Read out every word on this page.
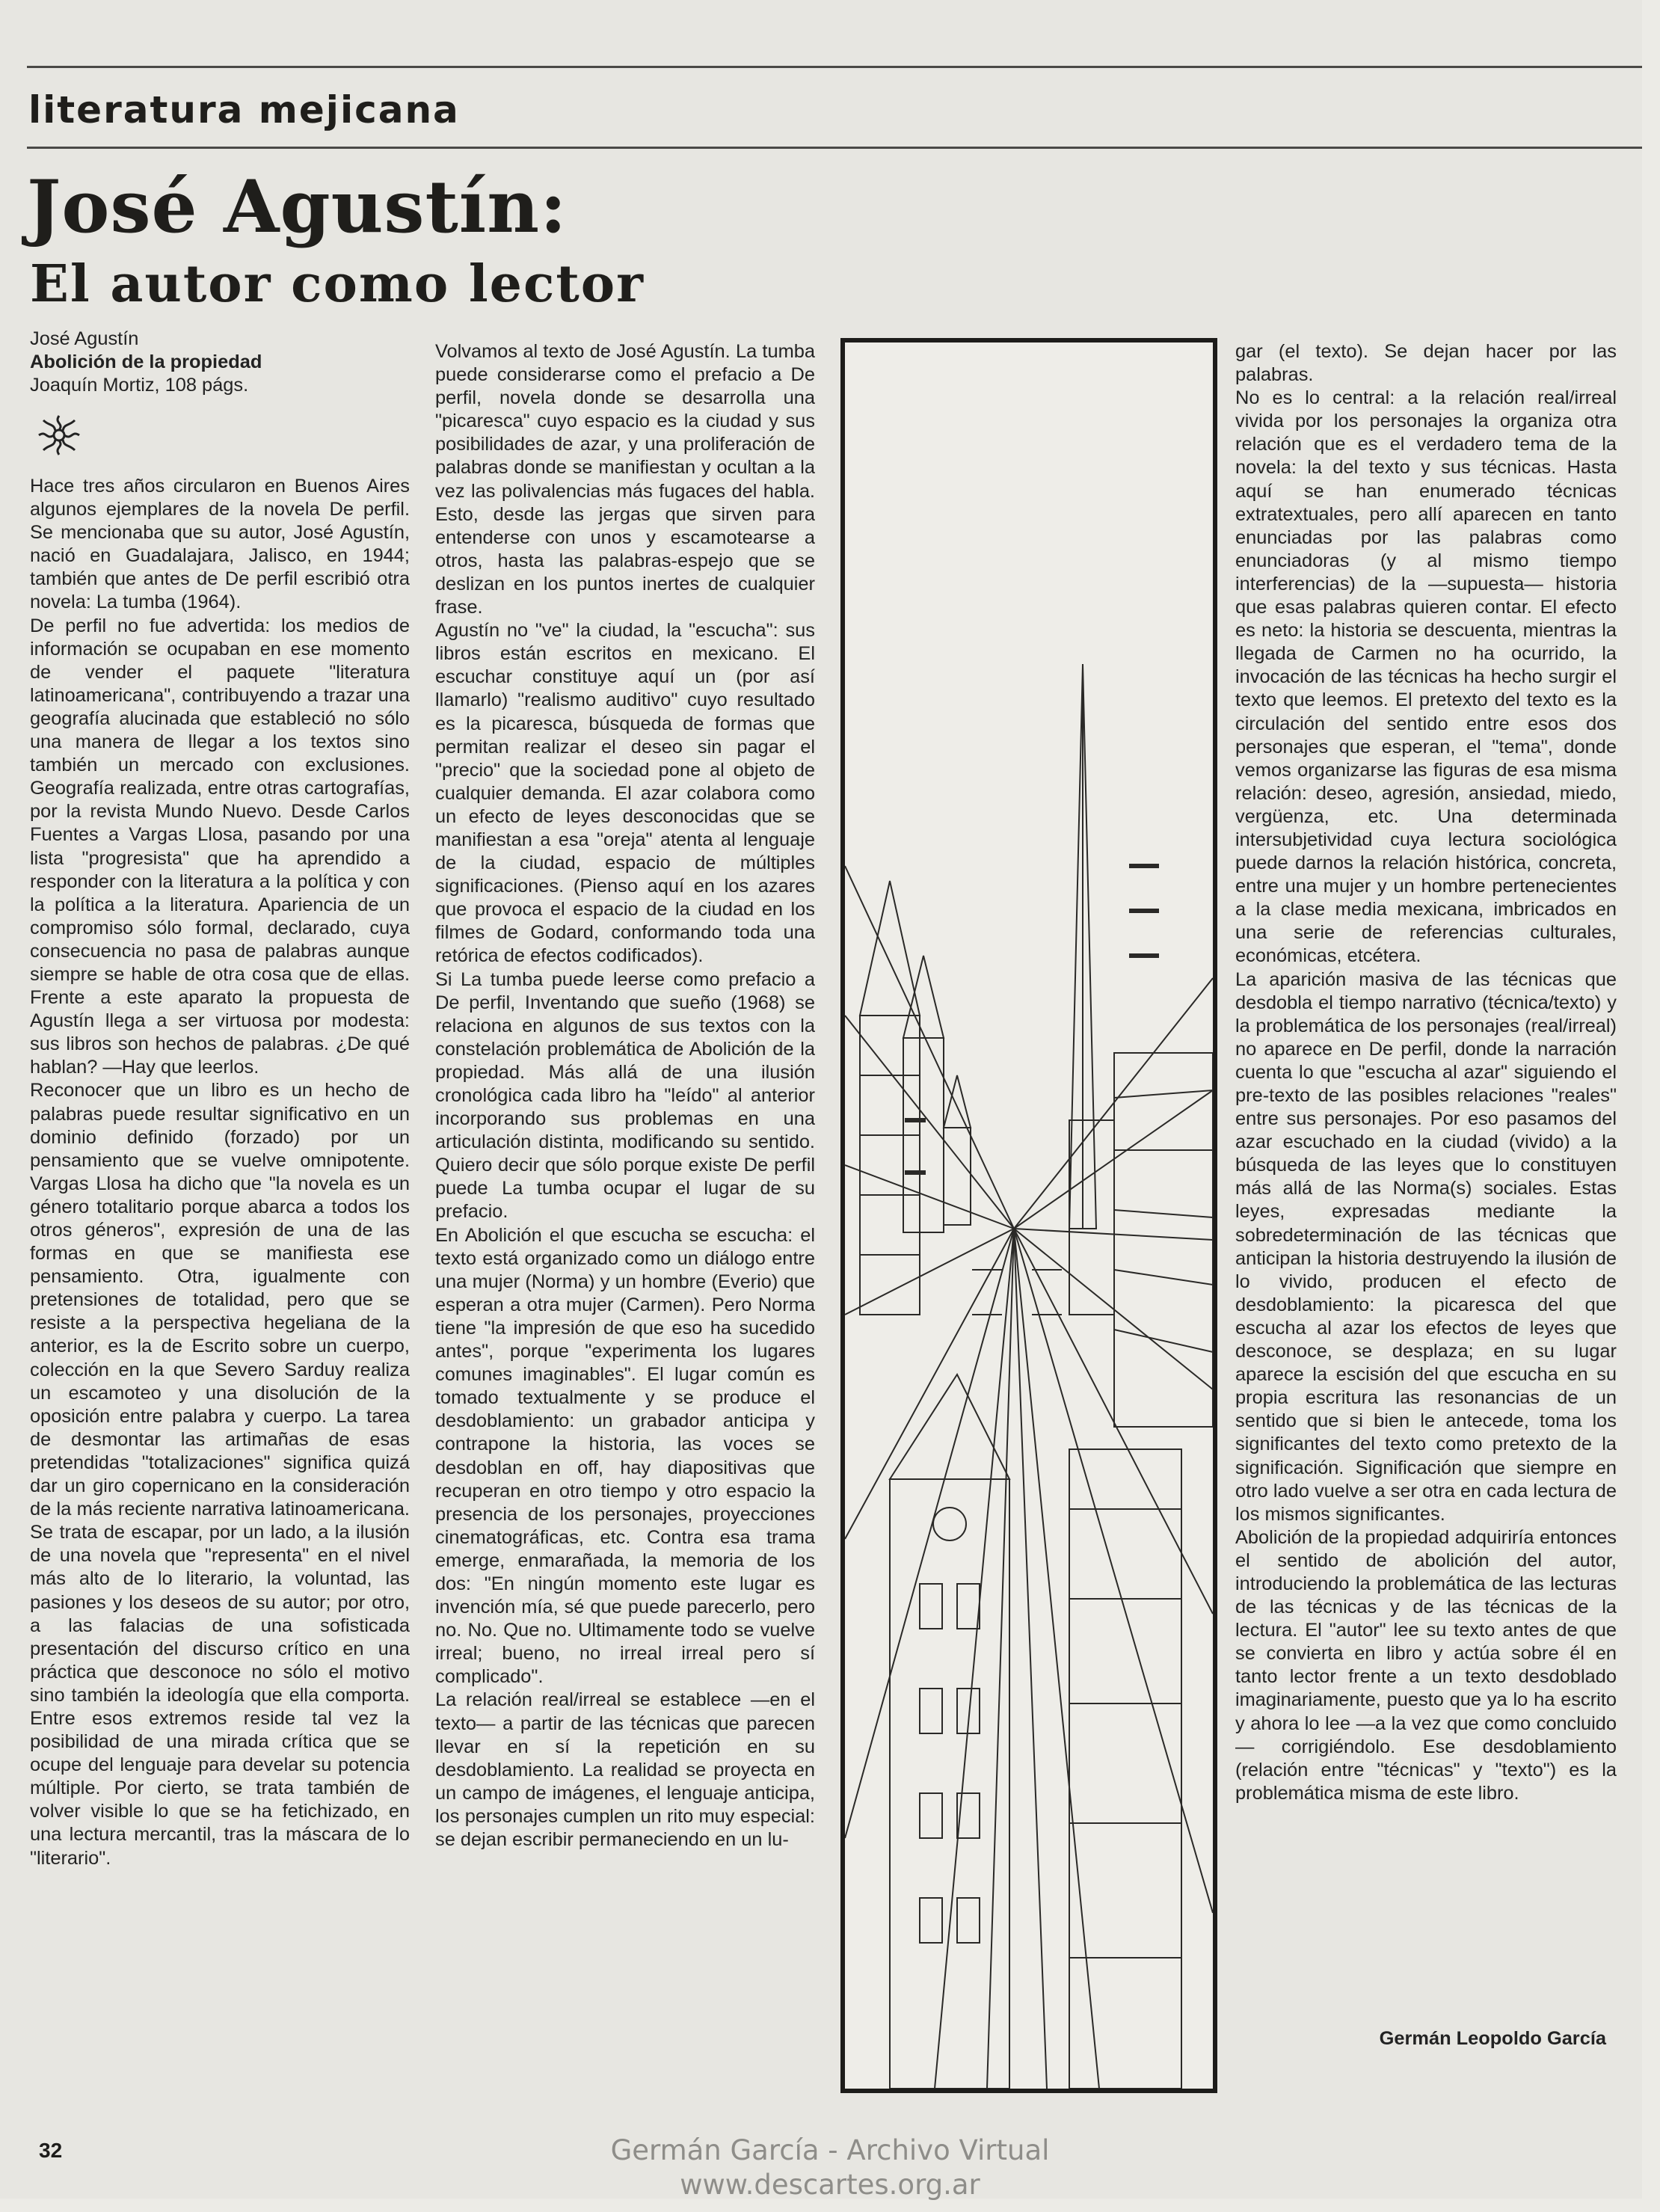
literatura mejicana
José Agustín:
El autor como lector
José Agustín
Abolición de la propiedad
Joaquín Mortiz, 108 págs.

Hace tres años circularon en Buenos Aires algunos ejemplares de la novela De perfil. Se mencionaba que su autor, José Agustín, nació en Guadalajara, Jalisco, en 1944; también que antes de De perfil escribió otra novela: La tumba (1964).

De perfil no fue advertida: los medios de información se ocupaban en ese momento de vender el paquete "literatura latinoamericana", contribuyendo a trazar una geografía alucinada que estableció no sólo una manera de llegar a los textos sino también un mercado con exclusiones. Geografía realizada, entre otras cartografías, por la revista Mundo Nuevo. Desde Carlos Fuentes a Vargas Llosa, pasando por una lista "progresista" que ha aprendido a responder con la literatura a la política y con la política a la literatura. Apariencia de un compromiso sólo formal, declarado, cuya consecuencia no pasa de palabras aunque siempre se hable de otra cosa que de ellas. Frente a este aparato la propuesta de Agustín llega a ser virtuosa por modesta: sus libros son hechos de palabras. ¿De qué hablan? —Hay que leerlos.

Reconocer que un libro es un hecho de palabras puede resultar significativo en un dominio definido (forzado) por un pensamiento que se vuelve omnipotente. Vargas Llosa ha dicho que "la novela es un género totalitario porque abarca a todos los otros géneros", expresión de una de las formas en que se manifiesta ese pensamiento. Otra, igualmente con pretensiones de totalidad, pero que se resiste a la perspectiva hegeliana de la anterior, es la de Escrito sobre un cuerpo, colección en la que Severo Sarduy realiza un escamoteo y una disolución de la oposición entre palabra y cuerpo. La tarea de desmontar las artimañas de esas pretendidas "totalizaciones" significa quizá dar un giro copernicano en la consideración de la más reciente narrativa latinoamericana. Se trata de escapar, por un lado, a la ilusión de una novela que "representa" en el nivel más alto de lo literario, la voluntad, las pasiones y los deseos de su autor; por otro, a las falacias de una sofisticada presentación del discurso crítico en una práctica que desconoce no sólo el motivo sino también la ideología que ella comporta. Entre esos extremos reside tal vez la posibilidad de una mirada crítica que se ocupe del lenguaje para develar su potencia múltiple. Por cierto, se trata también de volver visible lo que se ha fetichizado, en una lectura mercantil, tras la máscara de lo "literario".

Volvamos al texto de José Agustín. La tumba puede considerarse como el prefacio a De perfil, novela donde se desarrolla una "picaresca" cuyo espacio es la ciudad y sus posibilidades de azar, y una proliferación de palabras donde se manifiestan y ocultan a la vez las polivalencias más fugaces del habla. Esto, desde las jergas que sirven para entenderse con unos y escamotearse a otros, hasta las palabras-espejo que se deslizan en los puntos inertes de cualquier frase.

Agustín no "ve" la ciudad, la "escucha": sus libros están escritos en mexicano. El escuchar constituye aquí un (por así llamarlo) "realismo auditivo" cuyo resultado es la picaresca, búsqueda de formas que permitan realizar el deseo sin pagar el "precio" que la sociedad pone al objeto de cualquier demanda. El azar colabora como un efecto de leyes desconocidas que se manifiestan a esa "oreja" atenta al lenguaje de la ciudad, espacio de múltiples significaciones. (Pienso aquí en los azares que provoca el espacio de la ciudad en los filmes de Godard, conformando toda una retórica de efectos codificados).

Si La tumba puede leerse como prefacio a De perfil, Inventando que sueño (1968) se relaciona en algunos de sus textos con la constelación problemática de Abolición de la propiedad. Más allá de una ilusión cronológica cada libro ha "leído" al anterior incorporando sus problemas en una articulación distinta, modificando su sentido. Quiero decir que sólo porque existe De perfil puede La tumba ocupar el lugar de su prefacio.

En Abolición el que escucha se escucha: el texto está organizado como un diálogo entre una mujer (Norma) y un hombre (Everio) que esperan a otra mujer (Carmen). Pero Norma tiene "la impresión de que eso ha sucedido antes", porque "experimenta los lugares comunes imaginables". El lugar común es tomado textualmente y se produce el desdoblamiento: un grabador anticipa y contrapone la historia, las voces se desdoblan en off, hay diapositivas que recuperan en otro tiempo y otro espacio la presencia de los personajes, proyecciones cinematográficas, etc. Contra esa trama emerge, enmarañada, la memoria de los dos: "En ningún momento este lugar es invención mía, sé que puede parecerlo, pero no. No. Que no. Ultimamente todo se vuelve irreal; bueno, no irreal irreal pero sí complicado".

La relación real/irreal se establece —en el texto— a partir de las técnicas que parecen llevar en sí la repetición en su desdoblamiento. La realidad se proyecta en un campo de imágenes, el lenguaje anticipa, los personajes cumplen un rito muy especial: se dejan escribir permaneciendo en un lu-

gar (el texto). Se dejan hacer por las palabras.

No es lo central: a la relación real/irreal vivida por los personajes la organiza otra relación que es el verdadero tema de la novela: la del texto y sus técnicas. Hasta aquí se han enumerado técnicas extratextuales, pero allí aparecen en tanto enunciadas por las palabras como enunciadoras (y al mismo tiempo interferencias) de la —supuesta— historia que esas palabras quieren contar. El efecto es neto: la historia se descuenta, mientras la llegada de Carmen no ha ocurrido, la invocación de las técnicas ha hecho surgir el texto que leemos. El pretexto del texto es la circulación del sentido entre esos dos personajes que esperan, el "tema", donde vemos organizarse las figuras de esa misma relación: deseo, agresión, ansiedad, miedo, vergüenza, etc. Una determinada intersubjetividad cuya lectura sociológica puede darnos la relación histórica, concreta, entre una mujer y un hombre pertenecientes a la clase media mexicana, imbricados en una serie de referencias culturales, económicas, etcétera.

La aparición masiva de las técnicas que desdobla el tiempo narrativo (técnica/texto) y la problemática de los personajes (real/irreal) no aparece en De perfil, donde la narración cuenta lo que "escucha al azar" siguiendo el pre-texto de las posibles relaciones "reales" entre sus personajes. Por eso pasamos del azar escuchado en la ciudad (vivido) a la búsqueda de las leyes que lo constituyen más allá de las Norma(s) sociales. Estas leyes, expresadas mediante la sobredeterminación de las técnicas que anticipan la historia destruyendo la ilusión de lo vivido, producen el efecto de desdoblamiento: la picaresca del que escucha al azar los efectos de leyes que desconoce, se desplaza; en su lugar aparece la escisión del que escucha en su propia escritura las resonancias de un sentido que si bien le antecede, toma los significantes del texto como pretexto de la significación. Significación que siempre en otro lado vuelve a ser otra en cada lectura de los mismos significantes.

Abolición de la propiedad adquiriría entonces el sentido de abolición del autor, introduciendo la problemática de las lecturas de las técnicas y de las técnicas de la lectura. El "autor" lee su texto antes de que se convierta en libro y actúa sobre él en tanto lector frente a un texto desdoblado imaginariamente, puesto que ya lo ha escrito y ahora lo lee —a la vez que como concluido— corrigiéndolo. Ese desdoblamiento (relación entre "técnicas" y "texto") es la problemática misma de este libro.

Germán Leopoldo García
32	Germán García - Archivo Virtual
www.descartes.org.ar
